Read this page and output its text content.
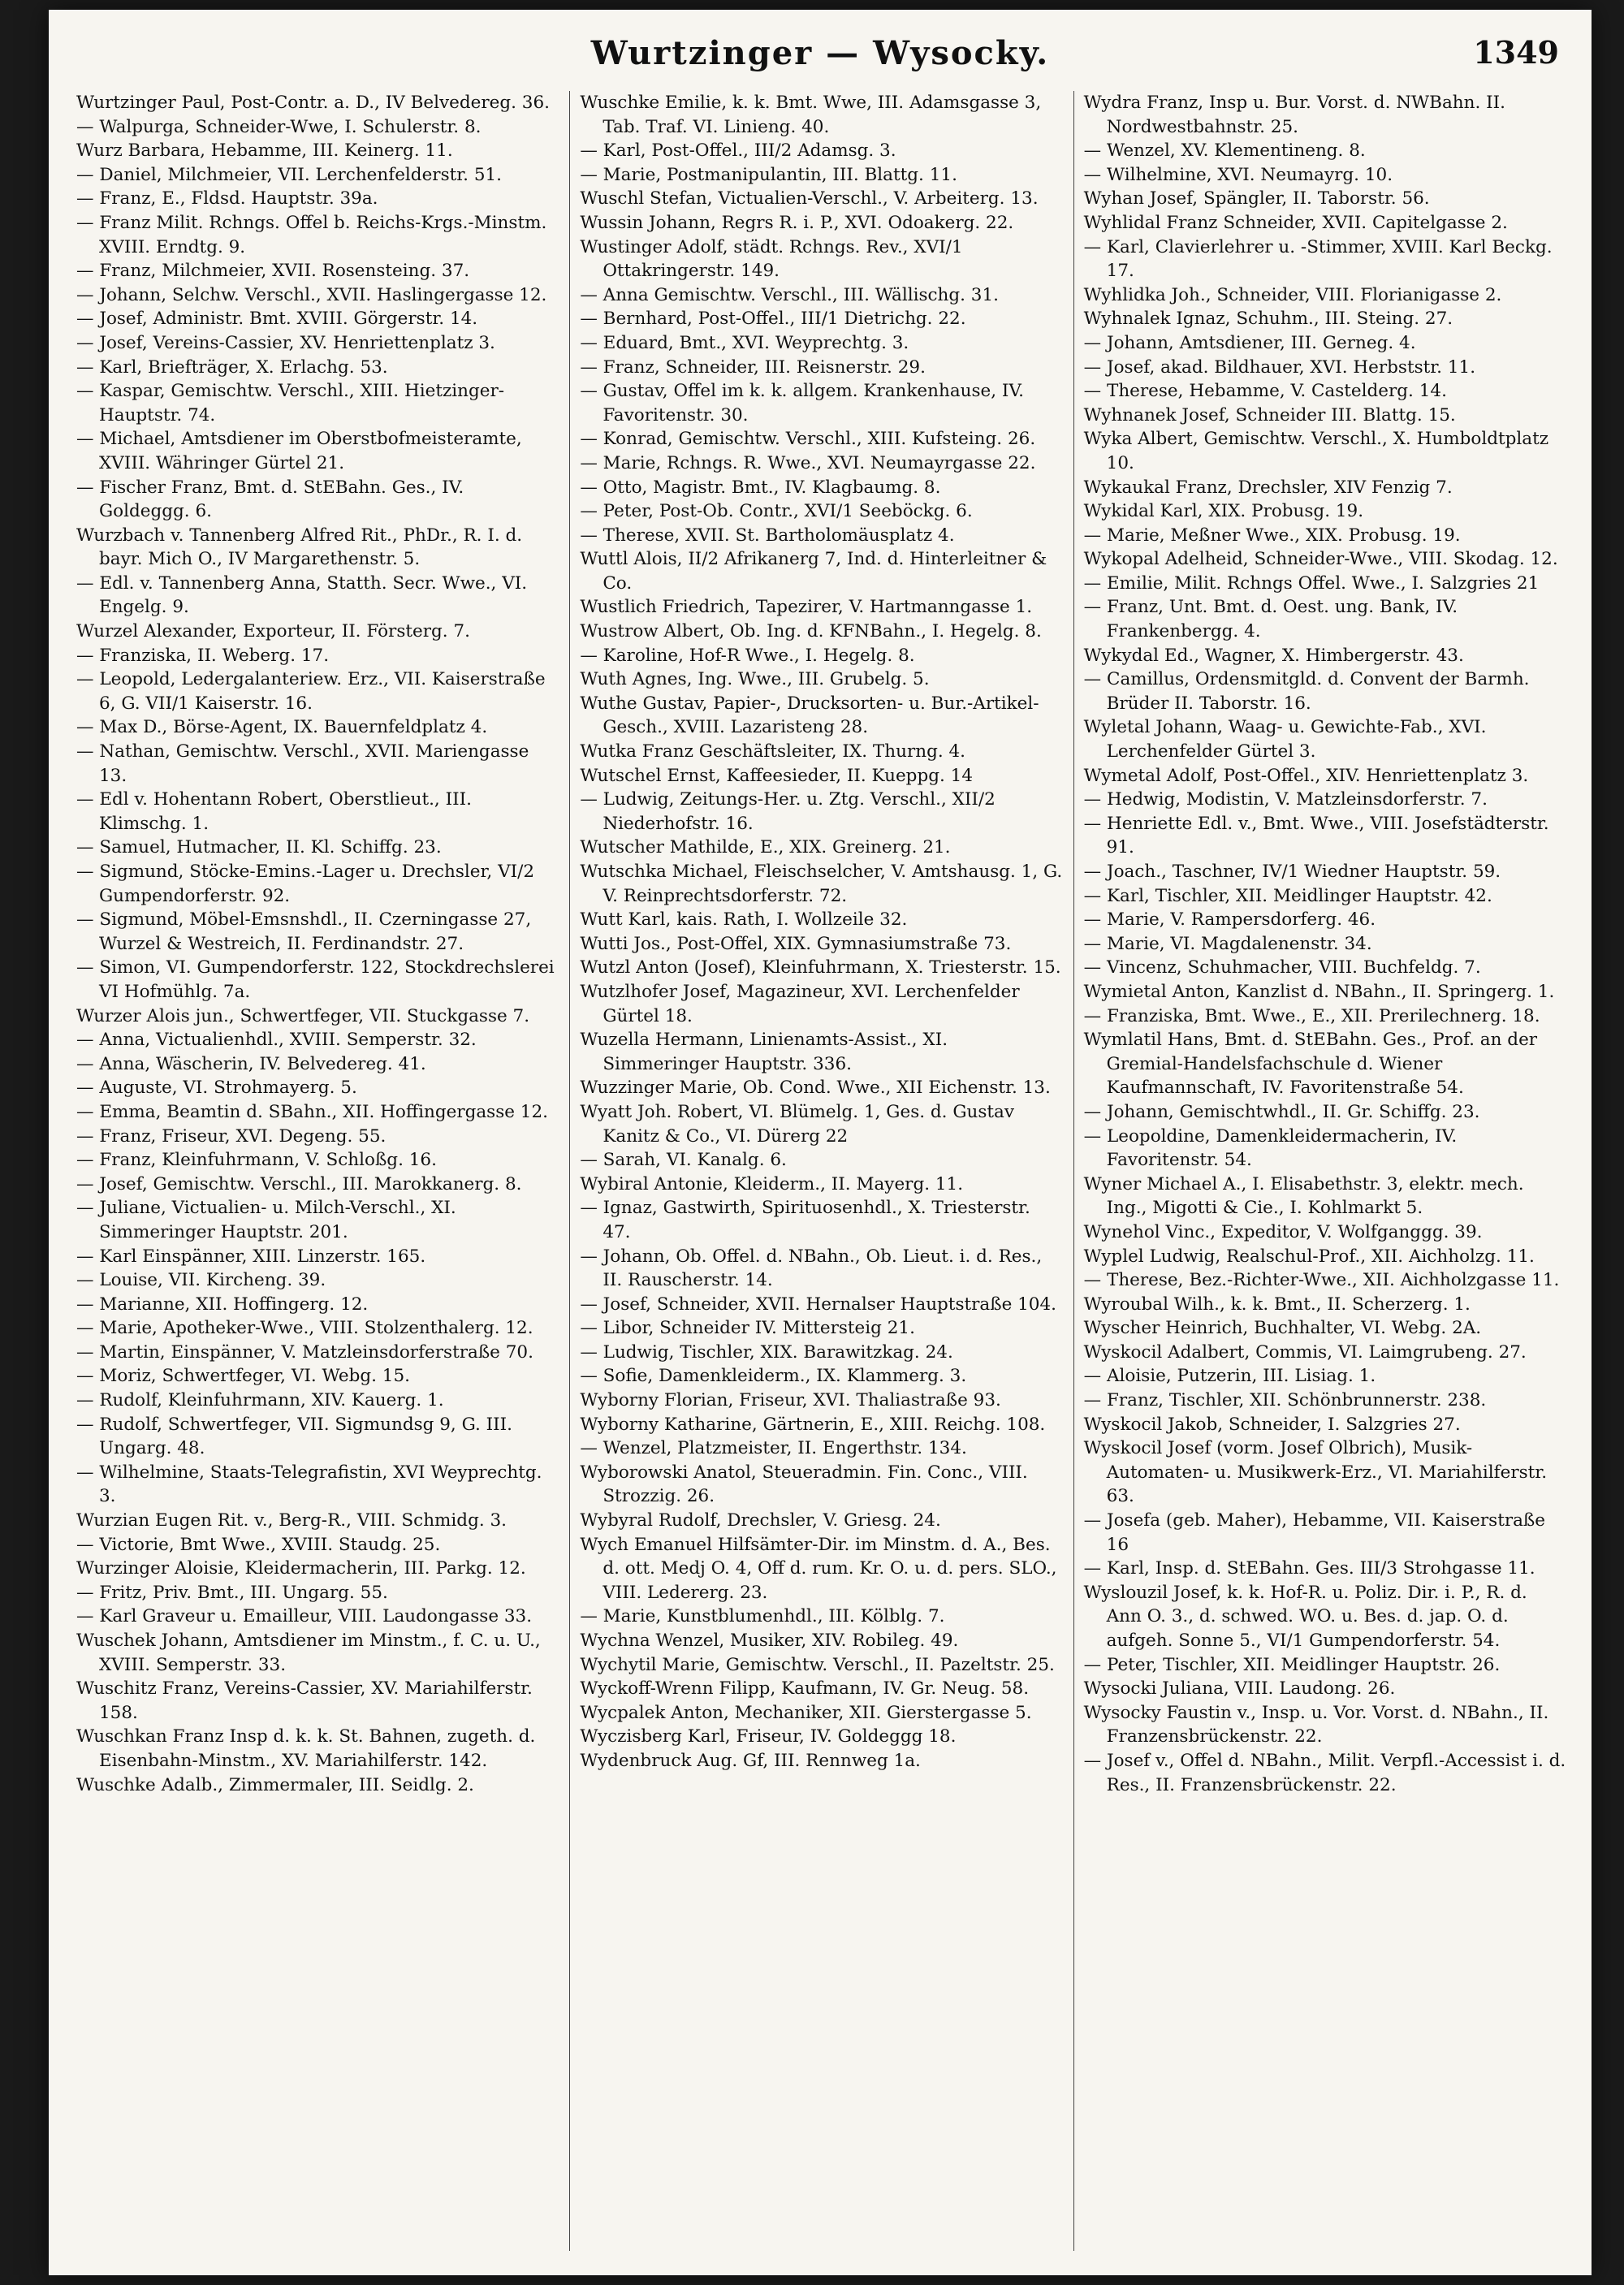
Wurtzinger — Wysocky.	1349
Wurtzinger Paul, Post-Contr. a. D., IV Belvedereg. 36.
— Walpurga, Schneider-Wwe, I. Schulerstr. 8.
Wurz Barbara, Hebamme, III. Keinerg. 11.
— Daniel, Milchmeier, VII. Lerchenfelderstr. 51.
— Franz, E., Fldsd. Hauptstr. 39a.
— Franz Milit. Rchngs. Offel b. Reichs-Krgs.-Minstm. XVIII. Erndtg. 9.
— Franz, Milchmeier, XVII. Rosensteing. 37.
— Johann, Selchw. Verschl., XVII. Haslingergasse 12.
— Josef, Administr. Bmt. XVIII. Görgerstr. 14.
— Josef, Vereins-Cassier, XV. Henriettenplatz 3.
— Karl, Briefträger, X. Erlachg. 53.
— Kaspar, Gemischtw. Verschl., XIII. Hietzinger-Hauptstr. 74.
— Michael, Amtsdiener im Oberstbofmeisteramte, XVIII. Währinger Gürtel 21.
— Fischer Franz, Bmt. d. StEBahn. Ges., IV. Goldeggg. 6.
Wurzbach v. Tannenberg Alfred Rit., PhDr., R. I. d. bayr. Mich O., IV Margarethenstr. 5.
— Edl. v. Tannenberg Anna, Statth. Secr. Wwe., VI. Engelg. 9.
Wurzel Alexander, Exporteur, II. Försterg. 7.
— Franziska, II. Weberg. 17.
— Leopold, Ledergalanteriew. Erz., VII. Kaiserstraße 6, G. VII/1 Kaiserstr. 16.
— Max D., Börse-Agent, IX. Bauernfeldplatz 4.
— Nathan, Gemischtw. Verschl., XVII. Mariengasse 13.
— Edl v. Hohentann Robert, Oberstlieut., III. Klimschg. 1.
— Samuel, Hutmacher, II. Kl. Schiffg. 23.
— Sigmund, Stöcke-Emins.-Lager u. Drechsler, VI/2 Gumpendorferstr. 92.
— Sigmund, Möbel-Emsnshdl., II. Czerningasse 27, Wurzel & Westreich, II. Ferdinandstr. 27.
— Simon, VI. Gumpendorferstr. 122, Stockdrechslerei VI Hofmühlg. 7a.
Wurzer Alois jun., Schwertfeger, VII. Stuckgasse 7.
— Anna, Victualienhdl., XVIII. Semperstr. 32.
— Anna, Wäscherin, IV. Belvedereg. 41.
— Auguste, VI. Strohmayerg. 5.
— Emma, Beamtin d. SBahn., XII. Hoffingergasse 12.
— Franz, Friseur, XVI. Degeng. 55.
— Franz, Kleinfuhrmann, V. Schloßg. 16.
— Josef, Gemischtw. Verschl., III. Marokkanerg. 8.
— Juliane, Victualien- u. Milch-Verschl., XI. Simmeringer Hauptstr. 201.
— Karl Einspänner, XIII. Linzerstr. 165.
— Louise, VII. Kircheng. 39.
— Marianne, XII. Hoffingerg. 12.
— Marie, Apotheker-Wwe., VIII. Stolzenthalerg. 12.
— Martin, Einspänner, V. Matzleinsdorferstraße 70.
— Moriz, Schwertfeger, VI. Webg. 15.
— Rudolf, Kleinfuhrmann, XIV. Kauerg. 1.
— Rudolf, Schwertfeger, VII. Sigmundsg 9, G. III. Ungarg. 48.
— Wilhelmine, Staats-Telegrafistin, XVI Weyprechtg. 3.
Wurzian Eugen Rit. v., Berg-R., VIII. Schmidg. 3.
— Victorie, Bmt Wwe., XVIII. Staudg. 25.
Wurzinger Aloisie, Kleidermacherin, III. Parkg. 12.
— Fritz, Priv. Bmt., III. Ungarg. 55.
— Karl Graveur u. Emailleur, VIII. Laudongasse 33.
Wuschek Johann, Amtsdiener im Minstm., f. C. u. U., XVIII. Semperstr. 33.
Wuschitz Franz, Vereins-Cassier, XV. Mariahilferstr. 158.
Wuschkan Franz Insp d. k. k. St. Bahnen, zugeth. d. Eisenbahn-Minstm., XV. Mariahilferstr. 142.
Wuschke Adalb., Zimmermaler, III. Seidlg. 2.
Wuschke Emilie, k. k. Bmt. Wwe, III. Adamsgasse 3, Tab. Traf. VI. Linieng. 40.
— Karl, Post-Offel., III/2 Adamsg. 3.
— Marie, Postmanipulantin, III. Blattg. 11.
Wuschl Stefan, Victualien-Verschl., V. Arbeiterg. 13.
Wussin Johann, Regrs R. i. P., XVI. Odoakerg. 22.
Wustinger Adolf, städt. Rchngs. Rev., XVI/1 Ottakringerstr. 149.
— Anna Gemischtw. Verschl., III. Wällischg. 31.
— Bernhard, Post-Offel., III/1 Dietrichg. 22.
— Eduard, Bmt., XVI. Weyprechtg. 3.
— Franz, Schneider, III. Reisnerstr. 29.
— Gustav, Offel im k. k. allgem. Krankenhause, IV. Favoritenstr. 30.
— Konrad, Gemischtw. Verschl., XIII. Kufsteing. 26.
— Marie, Rchngs. R. Wwe., XVI. Neumayrgasse 22.
— Otto, Magistr. Bmt., IV. Klagbaumg. 8.
— Peter, Post-Ob. Contr., XVI/1 Seeböckg. 6.
— Therese, XVII. St. Bartholomäusplatz 4.
Wuttl Alois, II/2 Afrikanerg 7, Ind. d. Hinterleitner & Co.
Wustlich Friedrich, Tapezirer, V. Hartmanngasse 1.
Wustrow Albert, Ob. Ing. d. KFNBahn., I. Hegelg. 8.
— Karoline, Hof-R Wwe., I. Hegelg. 8.
Wuth Agnes, Ing. Wwe., III. Grubelg. 5.
Wuthe Gustav, Papier-, Drucksorten- u. Bur.-Artikel-Gesch., XVIII. Lazaristeng 28.
Wutka Franz Geschäftsleiter, IX. Thurng. 4.
Wutschel Ernst, Kaffeesieder, II. Kueppg. 14
— Ludwig, Zeitungs-Her. u. Ztg. Verschl., XII/2 Niederhofstr. 16.
Wutscher Mathilde, E., XIX. Greinerg. 21.
Wutschka Michael, Fleischselcher, V. Amtshausg. 1, G. V. Reinprechtsdorferstr. 72.
Wutt Karl, kais. Rath, I. Wollzeile 32.
Wutti Jos., Post-Offel, XIX. Gymnasiumstraße 73.
Wutzl Anton (Josef), Kleinfuhrmann, X. Triesterstr. 15.
Wutzlhofer Josef, Magazineur, XVI. Lerchenfelder Gürtel 18.
Wuzella Hermann, Linienamts-Assist., XI. Simmeringer Hauptstr. 336.
Wuzzinger Marie, Ob. Cond. Wwe., XII Eichenstr. 13.
Wyatt Joh. Robert, VI. Blümelg. 1, Ges. d. Gustav Kanitz & Co., VI. Dürerg 22
— Sarah, VI. Kanalg. 6.
Wybiral Antonie, Kleiderm., II. Mayerg. 11.
— Ignaz, Gastwirth, Spirituosenhdl., X. Triesterstr. 47.
— Johann, Ob. Offel. d. NBahn., Ob. Lieut. i. d. Res., II. Rauscherstr. 14.
— Josef, Schneider, XVII. Hernalser Hauptstraße 104.
— Libor, Schneider IV. Mittersteig 21.
— Ludwig, Tischler, XIX. Barawitzkag. 24.
— Sofie, Damenkleiderm., IX. Klammerg. 3.
Wyborny Florian, Friseur, XVI. Thaliastraße 93.
Wyborny Katharine, Gärtnerin, E., XIII. Reichg. 108.
— Wenzel, Platzmeister, II. Engerthstr. 134.
Wyborowski Anatol, Steueradmin. Fin. Conc., VIII. Strozzig. 26.
Wybyral Rudolf, Drechsler, V. Griesg. 24.
Wych Emanuel Hilfsämter-Dir. im Minstm. d. A., Bes. d. ott. Medj O. 4, Off d. rum. Kr. O. u. d. pers. SLO., VIII. Ledererg. 23.
— Marie, Kunstblumenhdl., III. Kölblg. 7.
Wychna Wenzel, Musiker, XIV. Robileg. 49.
Wychytil Marie, Gemischtw. Verschl., II. Pazeltstr. 25.
Wyckoff-Wrenn Filipp, Kaufmann, IV. Gr. Neug. 58.
Wycpalek Anton, Mechaniker, XII. Gierstergasse 5.
Wyczisberg Karl, Friseur, IV. Goldeggg 18.
Wydenbruck Aug. Gf, III. Rennweg 1a.
Wydra Franz, Insp u. Bur. Vorst. d. NWBahn. II. Nordwestbahnstr. 25.
— Wenzel, XV. Klementineng. 8.
— Wilhelmine, XVI. Neumayrg. 10.
Wyhan Josef, Spängler, II. Taborstr. 56.
Wyhlidal Franz Schneider, XVII. Capitelgasse 2.
— Karl, Clavierlehrer u. -Stimmer, XVIII. Karl Beckg. 17.
Wyhlidka Joh., Schneider, VIII. Florianigasse 2.
Wyhnalek Ignaz, Schuhm., III. Steing. 27.
— Johann, Amtsdiener, III. Gerneg. 4.
— Josef, akad. Bildhauer, XVI. Herbststr. 11.
— Therese, Hebamme, V. Castelderg. 14.
Wyhnanek Josef, Schneider III. Blattg. 15.
Wyka Albert, Gemischtw. Verschl., X. Humboldtplatz 10.
Wykaukal Franz, Drechsler, XIV Fenzig 7.
Wykidal Karl, XIX. Probusg. 19.
— Marie, Meßner Wwe., XIX. Probusg. 19.
Wykopal Adelheid, Schneider-Wwe., VIII. Skodag. 12.
— Emilie, Milit. Rchngs Offel. Wwe., I. Salzgries 21
— Franz, Unt. Bmt. d. Oest. ung. Bank, IV. Frankenbergg. 4.
Wykydal Ed., Wagner, X. Himbergerstr. 43.
— Camillus, Ordensmitgld. d. Convent der Barmh. Brüder II. Taborstr. 16.
Wyletal Johann, Waag- u. Gewichte-Fab., XVI. Lerchenfelder Gürtel 3.
Wymetal Adolf, Post-Offel., XIV. Henriettenplatz 3.
— Hedwig, Modistin, V. Matzleinsdorferstr. 7.
— Henriette Edl. v., Bmt. Wwe., VIII. Josefstädterstr. 91.
— Joach., Taschner, IV/1 Wiedner Hauptstr. 59.
— Karl, Tischler, XII. Meidlinger Hauptstr. 42.
— Marie, V. Rampersdorferg. 46.
— Marie, VI. Magdalenenstr. 34.
— Vincenz, Schuhmacher, VIII. Buchfeldg. 7.
Wymietal Anton, Kanzlist d. NBahn., II. Springerg. 1.
— Franziska, Bmt. Wwe., E., XII. Prerilechnerg. 18.
Wymlatil Hans, Bmt. d. StEBahn. Ges., Prof. an der Gremial-Handelsfachschule d. Wiener Kaufmannschaft, IV. Favoritenstraße 54.
— Johann, Gemischtwhdl., II. Gr. Schiffg. 23.
— Leopoldine, Damenkleidermacherin, IV. Favoritenstr. 54.
Wyner Michael A., I. Elisabethstr. 3, elektr. mech. Ing., Migotti & Cie., I. Kohlmarkt 5.
Wynehol Vinc., Expeditor, V. Wolfganggg. 39.
Wyplel Ludwig, Realschul-Prof., XII. Aichholzg. 11.
— Therese, Bez.-Richter-Wwe., XII. Aichholzgasse 11.
Wyroubal Wilh., k. k. Bmt., II. Scherzerg. 1.
Wyscher Heinrich, Buchhalter, VI. Webg. 2A.
Wyskocil Adalbert, Commis, VI. Laimgrubeng. 27.
— Aloisie, Putzerin, III. Lisiag. 1.
— Franz, Tischler, XII. Schönbrunnerstr. 238.
Wyskocil Jakob, Schneider, I. Salzgries 27.
Wyskocil Josef (vorm. Josef Olbrich), Musik-Automaten- u. Musikwerk-Erz., VI. Mariahilferstr. 63.
— Josefa (geb. Maher), Hebamme, VII. Kaiserstraße 16
— Karl, Insp. d. StEBahn. Ges. III/3 Strohgasse 11.
Wyslouzil Josef, k. k. Hof-R. u. Poliz. Dir. i. P., R. d. Ann O. 3., d. schwed. WO. u. Bes. d. jap. O. d. aufgeh. Sonne 5., VI/1 Gumpendorferstr. 54.
— Peter, Tischler, XII. Meidlinger Hauptstr. 26.
Wysocki Juliana, VIII. Laudong. 26.
Wysocky Faustin v., Insp. u. Vor. Vorst. d. NBahn., II. Franzensbrückenstr. 22.
— Josef v., Offel d. NBahn., Milit. Verpfl.-Accessist i. d. Res., II. Franzensbrückenstr. 22.
